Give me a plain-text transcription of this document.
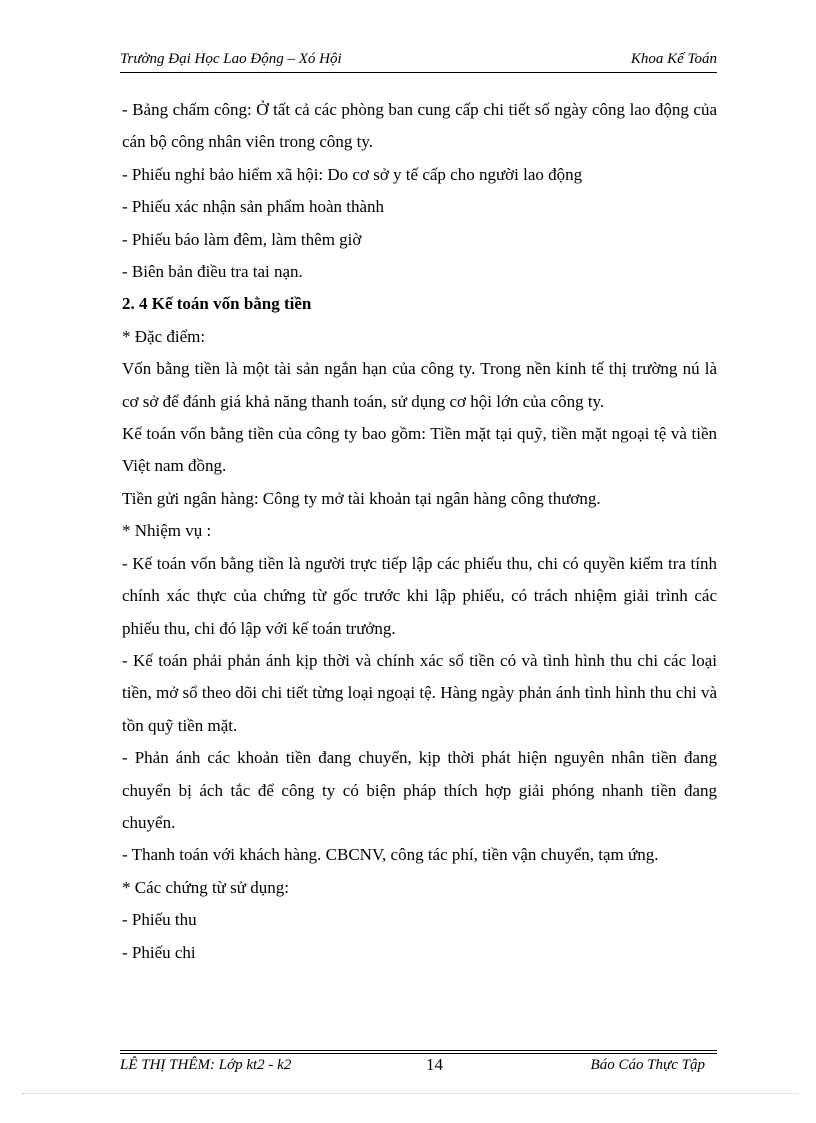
Trường Đại Học Lao Động – Xó Hội	Khoa Kế Toán

- Bảng chấm công: Ở tất cả các phòng ban cung cấp chi tiết số ngày công lao động của cán bộ công nhân viên trong công ty.

- Phiếu nghỉ bảo hiểm xã hội: Do cơ sở y tế cấp cho người lao động

- Phiếu xác nhận sản phẩm hoàn thành

- Phiếu báo làm đêm, làm thêm giờ

- Biên bản điều tra tai nạn.

2. 4 Kế toán vốn bằng tiền

* Đặc điểm:

Vốn bằng tiền là một tài sản ngắn hạn của công ty. Trong nền kinh tế thị trường nú là cơ sở để đánh giá khả năng thanh toán, sử dụng cơ hội lớn của công ty.

Kế toán vốn bằng tiền của công ty bao gồm: Tiền mặt tại quỹ, tiền mặt ngoại tệ và tiền Việt nam đồng.

Tiền gửi ngân hàng: Công ty mở tài khoản tại ngân hàng công thương.

* Nhiệm vụ :

- Kế toán vốn bằng tiền là người trực tiếp lập các phiếu thu, chi có quyền kiểm tra tính chính xác thực của chứng từ gốc trước khi lập phiếu, có trách nhiệm giải trình các phiếu thu, chi đó lập với kế toán trưởng.

- Kế toán phải phản ánh kịp thời và chính xác số tiền có và tình hình thu chi các loại tiền, mở sổ theo dõi chi tiết từng loại ngoại tệ. Hàng ngày phản ánh tình hình thu chi và tồn quỹ tiền mặt.

- Phản ánh các khoản tiền đang chuyển, kịp thời phát hiện nguyên nhân tiền đang chuyển bị ách tắc để công ty có biện pháp thích hợp giải phóng nhanh tiền đang chuyển.

- Thanh toán với khách hàng. CBCNV, công tác phí, tiền vận chuyển, tạm ứng.

* Các chứng từ sử dụng:

- Phiếu thu

- Phiếu chi

LÊ THỊ THÊM: Lớp kt2 - k2	14	Báo Cáo Thực Tập
